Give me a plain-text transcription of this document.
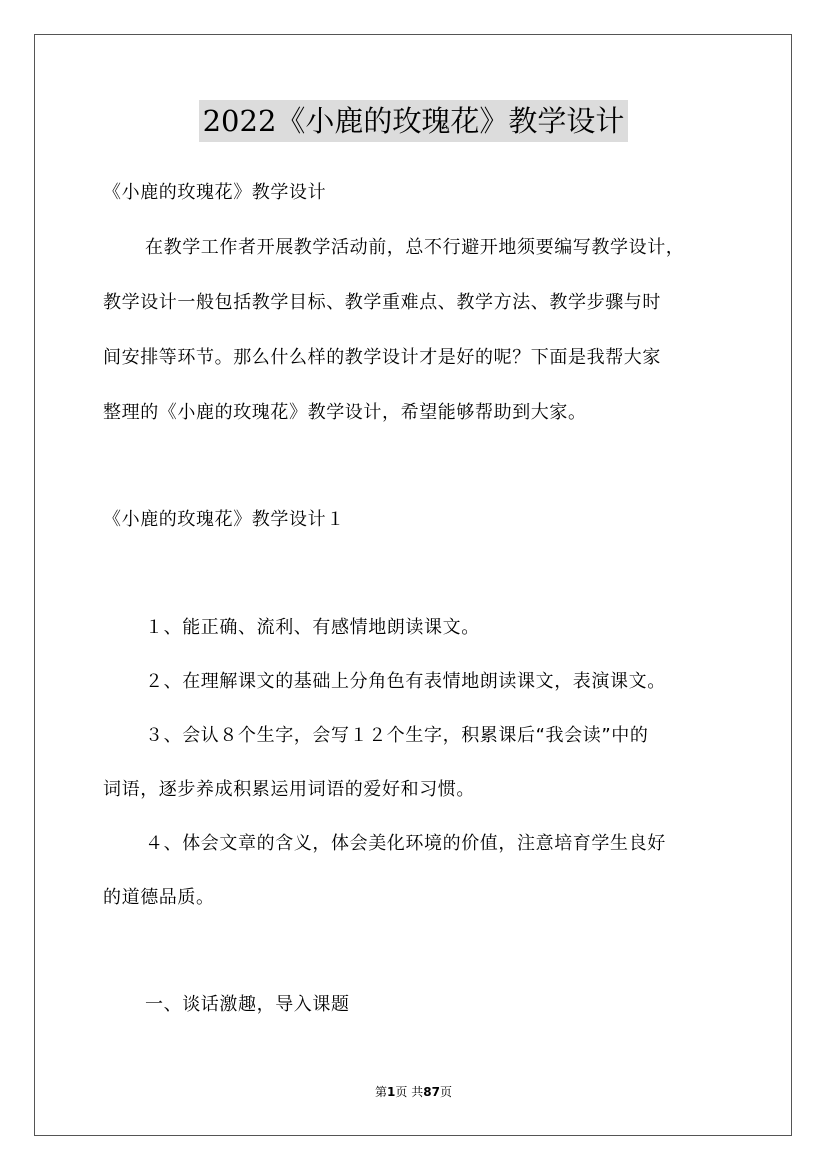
2022《小鹿的玫瑰花》教学设计
《小鹿的玫瑰花》教学设计
在教学工作者开展教学活动前，总不行避开地须要编写教学设计，
教学设计一般包括教学目标、教学重难点、教学方法、教学步骤与时
间安排等环节。那么什么样的教学设计才是好的呢？下面是我帮大家
整理的《小鹿的玫瑰花》教学设计，希望能够帮助到大家。
《小鹿的玫瑰花》教学设计１
１、能正确、流利、有感情地朗读课文。
２、在理解课文的基础上分角色有表情地朗读课文，表演课文。
３、会认８个生字，会写１２个生字，积累课后“我会读”中的
词语，逐步养成积累运用词语的爱好和习惯。
４、体会文章的含义，体会美化环境的价值，注意培育学生良好
的道德品质。
一、谈话激趣，导入课题
第1页 共87页
